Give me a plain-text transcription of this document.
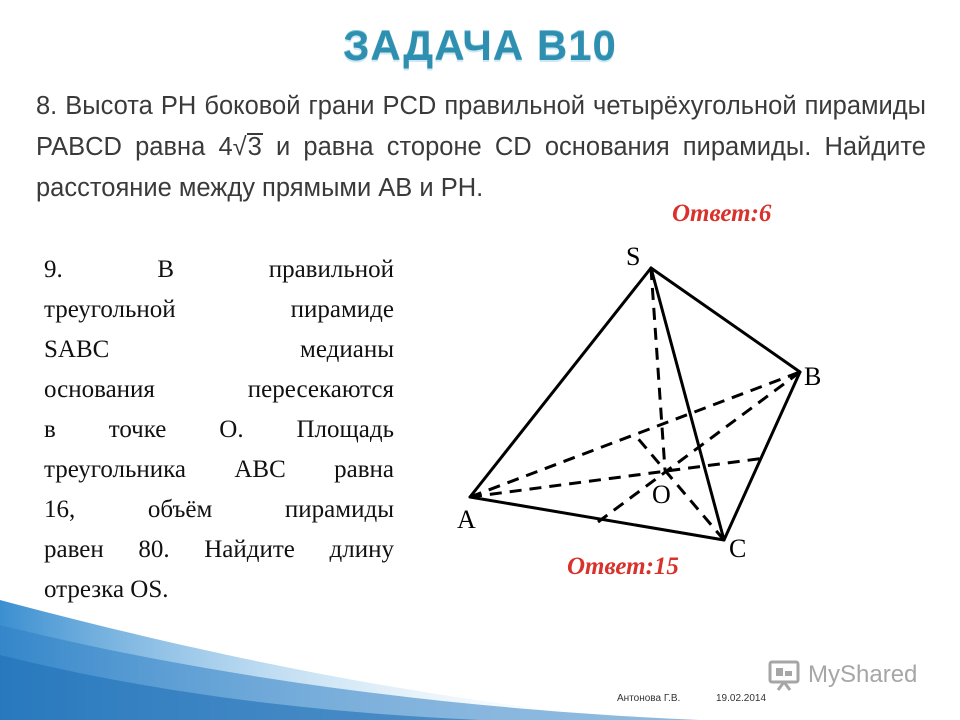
ЗАДАЧА В10
8. Высота PH боковой грани PCD правильной четырёхугольной пирамиды PABCD равна 4√3 и равна стороне CD основания пирамиды. Найдите расстояние между прямыми AB и PH.
Ответ:6
9. В правильной
треугольной пирамиде
SABC медианы
основания пересекаются
в точке О. Площадь
треугольника ABC равна
16, объём пирамиды
равен 80. Найдите длину
отрезка OS.
S
B
A
C
O
Ответ:15
Антонова Г.В.	19.02.2014
MyShared
